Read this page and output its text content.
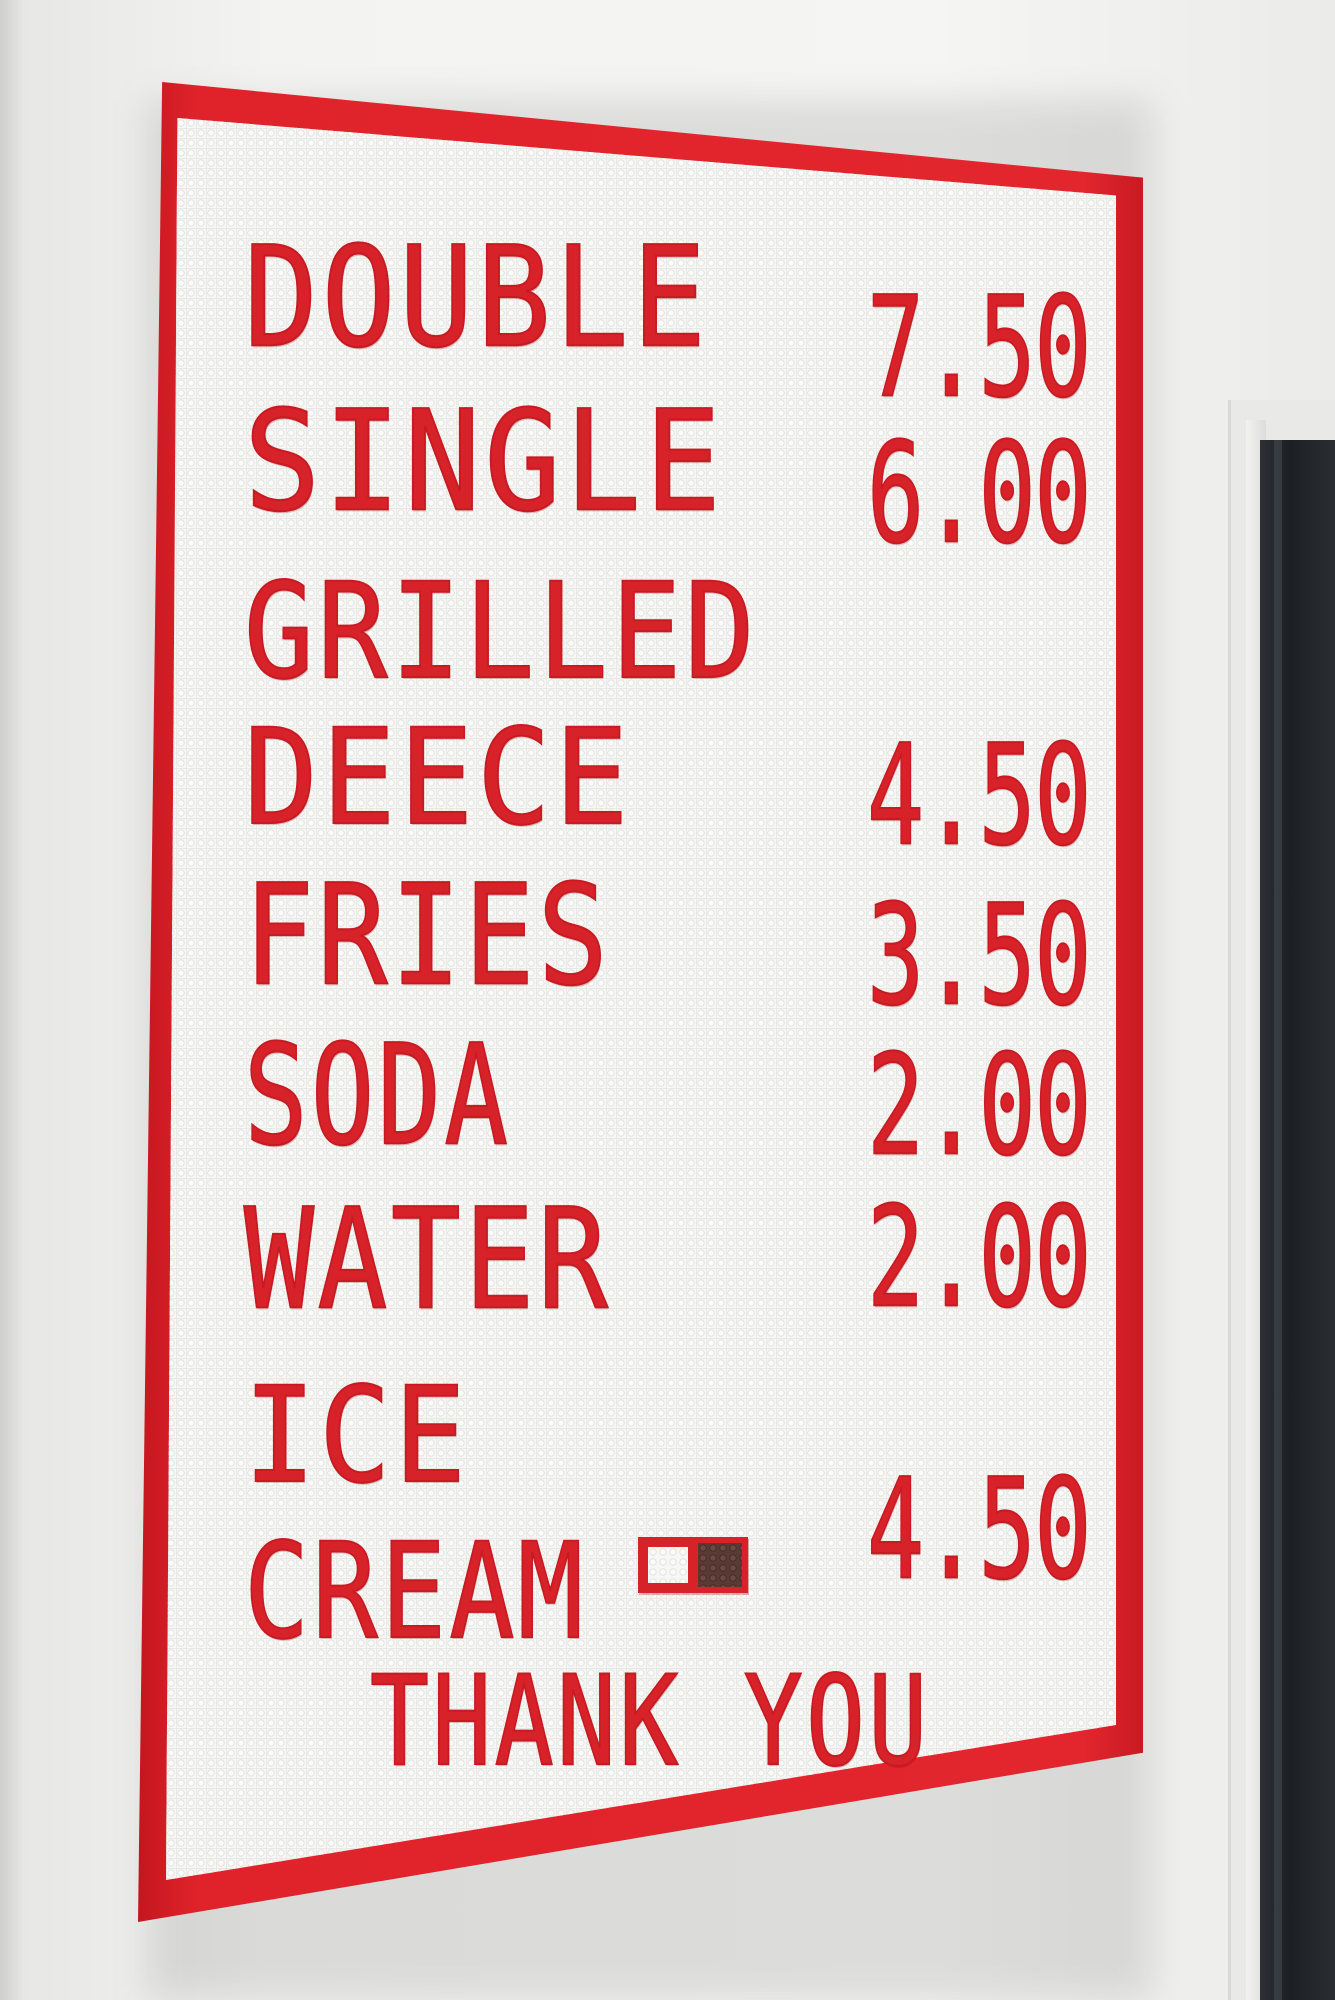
DOUBLE 7.50
SINGLE 6.00
GRILLED
DEECE 4.50
FRIES 3.50
SODA	2.00
WATER 2.00
ICE
CREAM 4.50
THANK YOU
